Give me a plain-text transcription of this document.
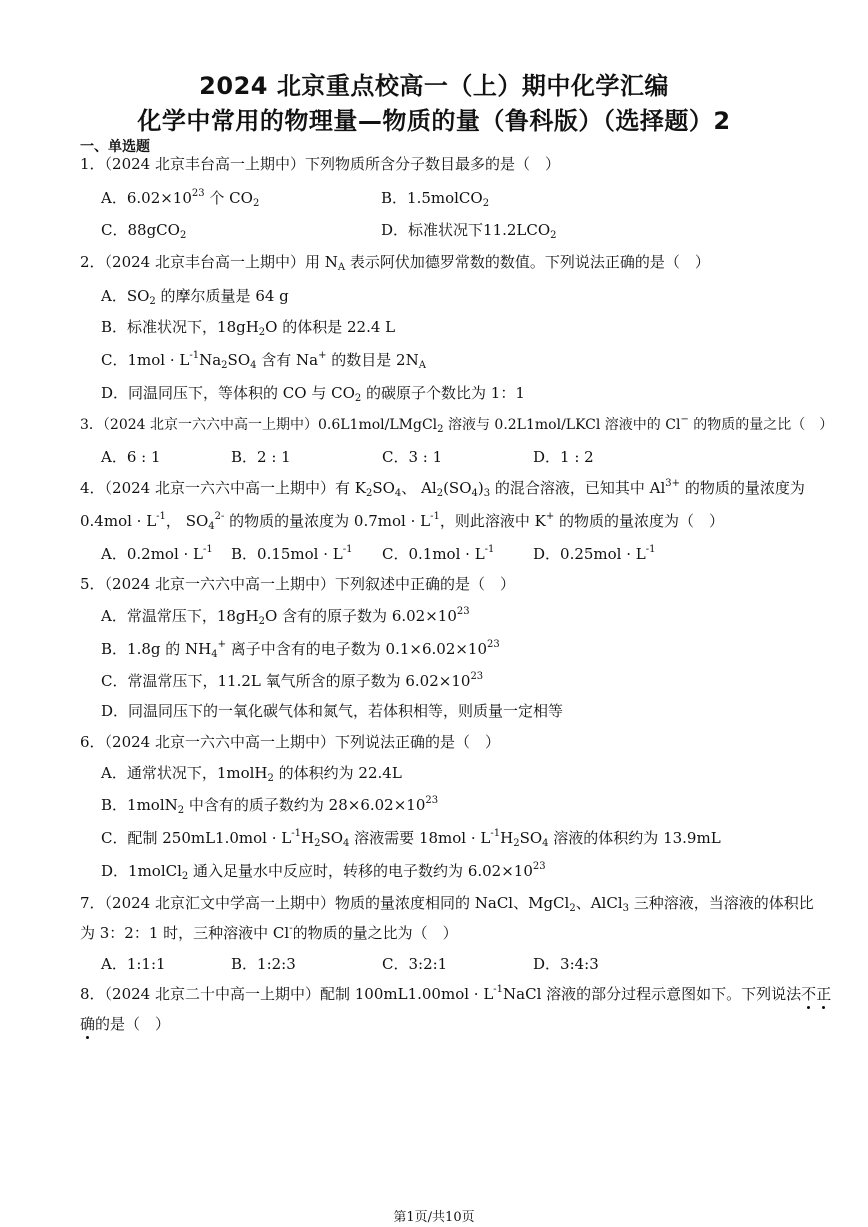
2024 北京重点校高一（上）期中化学汇编
化学中常用的物理量—物质的量（鲁科版）（选择题）2
一、单选题
1．（2024 北京丰台高一上期中）下列物质所含分子数目最多的是（　）
A．$6.02\times 10^{23}$ 个 $CO_2$	B．1.5molCO$_2$
C．88gCO$_2$	D．标准状况下$11.2LCO_2$
2．（2024 北京丰台高一上期中）用 $N_A$ 表示阿伏加德罗常数的数值。下列说法正确的是（　）
A．$SO_2$ 的摩尔质量是 64 g
B．标准状况下，$18gH_2O$ 的体积是 22.4 L
C．$1mol \cdot L^{-1}Na_2SO_4$ 含有 Na+ 的数目是 $2N_A$
D．同温同压下，等体积的 CO 与 $CO_2$ 的碳原子个数比为 1：1
3．（2024 北京一六六中高一上期中）0.6L1mol/LMgCl$_2$ 溶液与 0.2L1mol/LKCl 溶液中的 Cl− 的物质的量之比（　）
A．6 : 1	B．2 : 1	C．3 : 1	D．1 : 2
4．（2024 北京一六六中高一上期中）有 $K_2SO_4$、 $Al_2(SO_4)_3$ 的混合溶液，已知其中 $Al^{3+}$ 的物质的量浓度为
$0.4mol \cdot L^{-1}$， $SO_4^{2-}$ 的物质的量浓度为 $0.7mol \cdot L^{-1}$，则此溶液中 K+ 的物质的量浓度为（　）
A．$0.2mol \cdot L^{-1}$ B．$0.15mol \cdot L^{-1}$ C．$0.1mol \cdot L^{-1}$	D．$0.25mol \cdot L^{-1}$
5．（2024 北京一六六中高一上期中）下列叙述中正确的是（　）
A．常温常压下，$18gH_2O$ 含有的原子数为 $6.02\times 10^{23}$
B．1.8g 的 $NH_4^+$ 离子中含有的电子数为 $0.1\times 6.02\times 10^{23}$
C．常温常压下，11.2L 氧气所含的原子数为 $6.02\times 10^{23}$
D．同温同压下的一氧化碳气体和氮气，若体积相等，则质量一定相等
6．（2024 北京一六六中高一上期中）下列说法正确的是（　）
A．通常状况下，1molH$_2$ 的体积约为 22.4L
B．1molN$_2$ 中含有的质子数约为 $28\times 6.02\times 10^{23}$
C．配制 $250mL1.0mol \cdot L^{-1}H_2SO_4$ 溶液需要 $18mol \cdot L^{-1}H_2SO_4$ 溶液的体积约为 13.9mL
D．1molCl$_2$ 通入足量水中反应时，转移的电子数约为 $6.02\times 10^{23}$
7．（2024 北京汇文中学高一上期中）物质的量浓度相同的 NaCl、MgCl$_2$、AlCl$_3$ 三种溶液，当溶液的体积比
为 3：2：1 时，三种溶液中 Cl-的物质的量之比为（　）
A．1:1:1	B．1:2:3	C．3:2:1	D．3:4:3
8．（2024 北京二十中高一上期中）配制 $100mL1.00mol \cdot L^{-1}NaCl$ 溶液的部分过程示意图如下。下列说法不正
确的是（　）
第1页/共10页
